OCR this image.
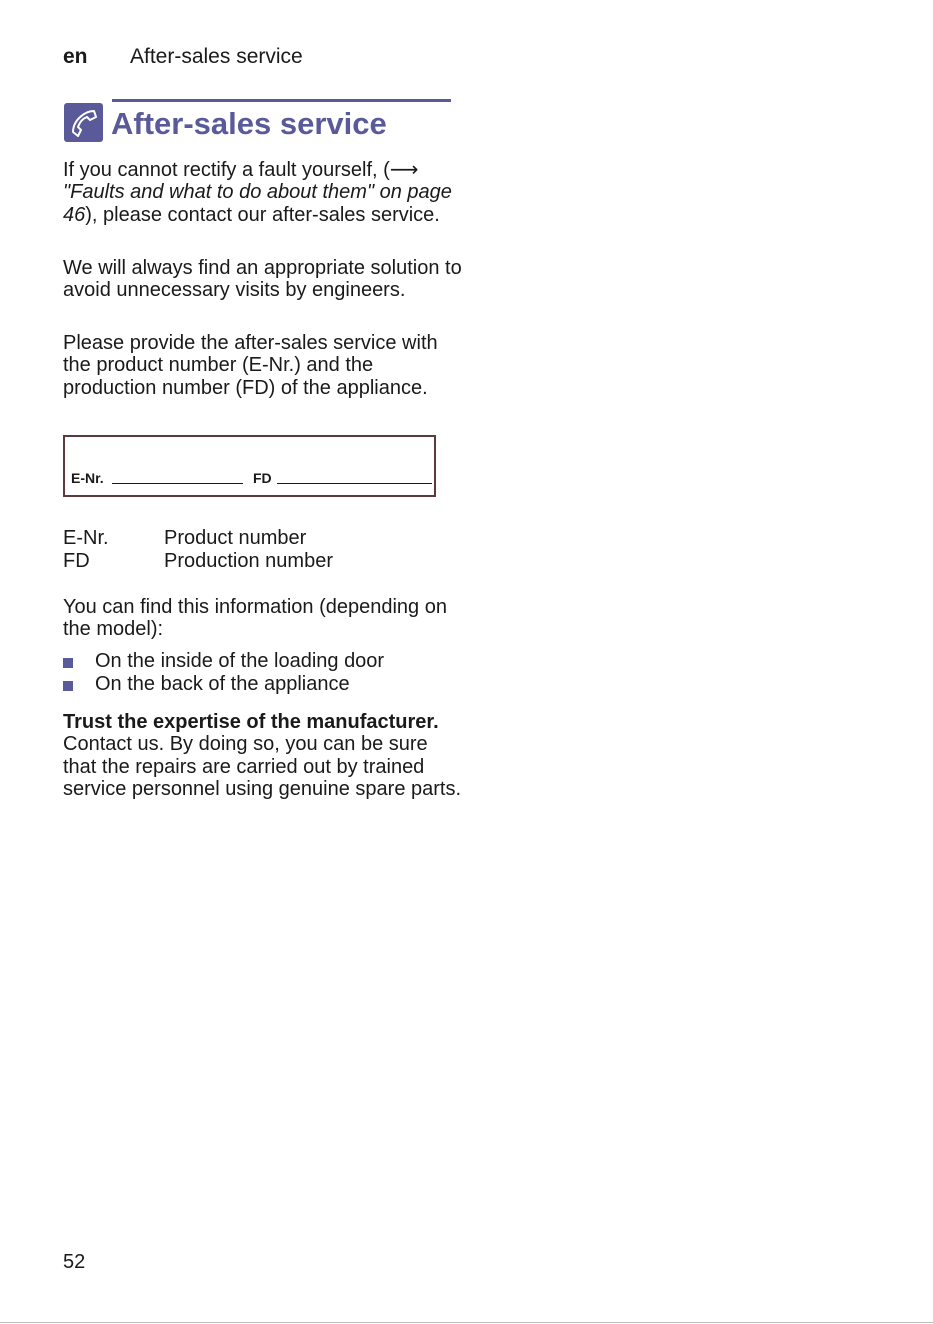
en After-sales service
After-sales service

If you cannot rectify a fault yourself, (⟶ "Faults and what to do about them" on page 46), please contact our after-sales service.

We will always find an appropriate solution to avoid unnecessary visits by engineers.

Please provide the after-sales service with the product number (E-Nr.) and the production number (FD) of the appliance.

E-Nr.	FD
E-Nr.	Product number
FD	Production number

You can find this information (depending on the model):

On the inside of the loading door
On the back of the appliance

Trust the expertise of the manufacturer. Contact us. By doing so, you can be sure that the repairs are carried out by trained service personnel using genuine spare parts.

52
